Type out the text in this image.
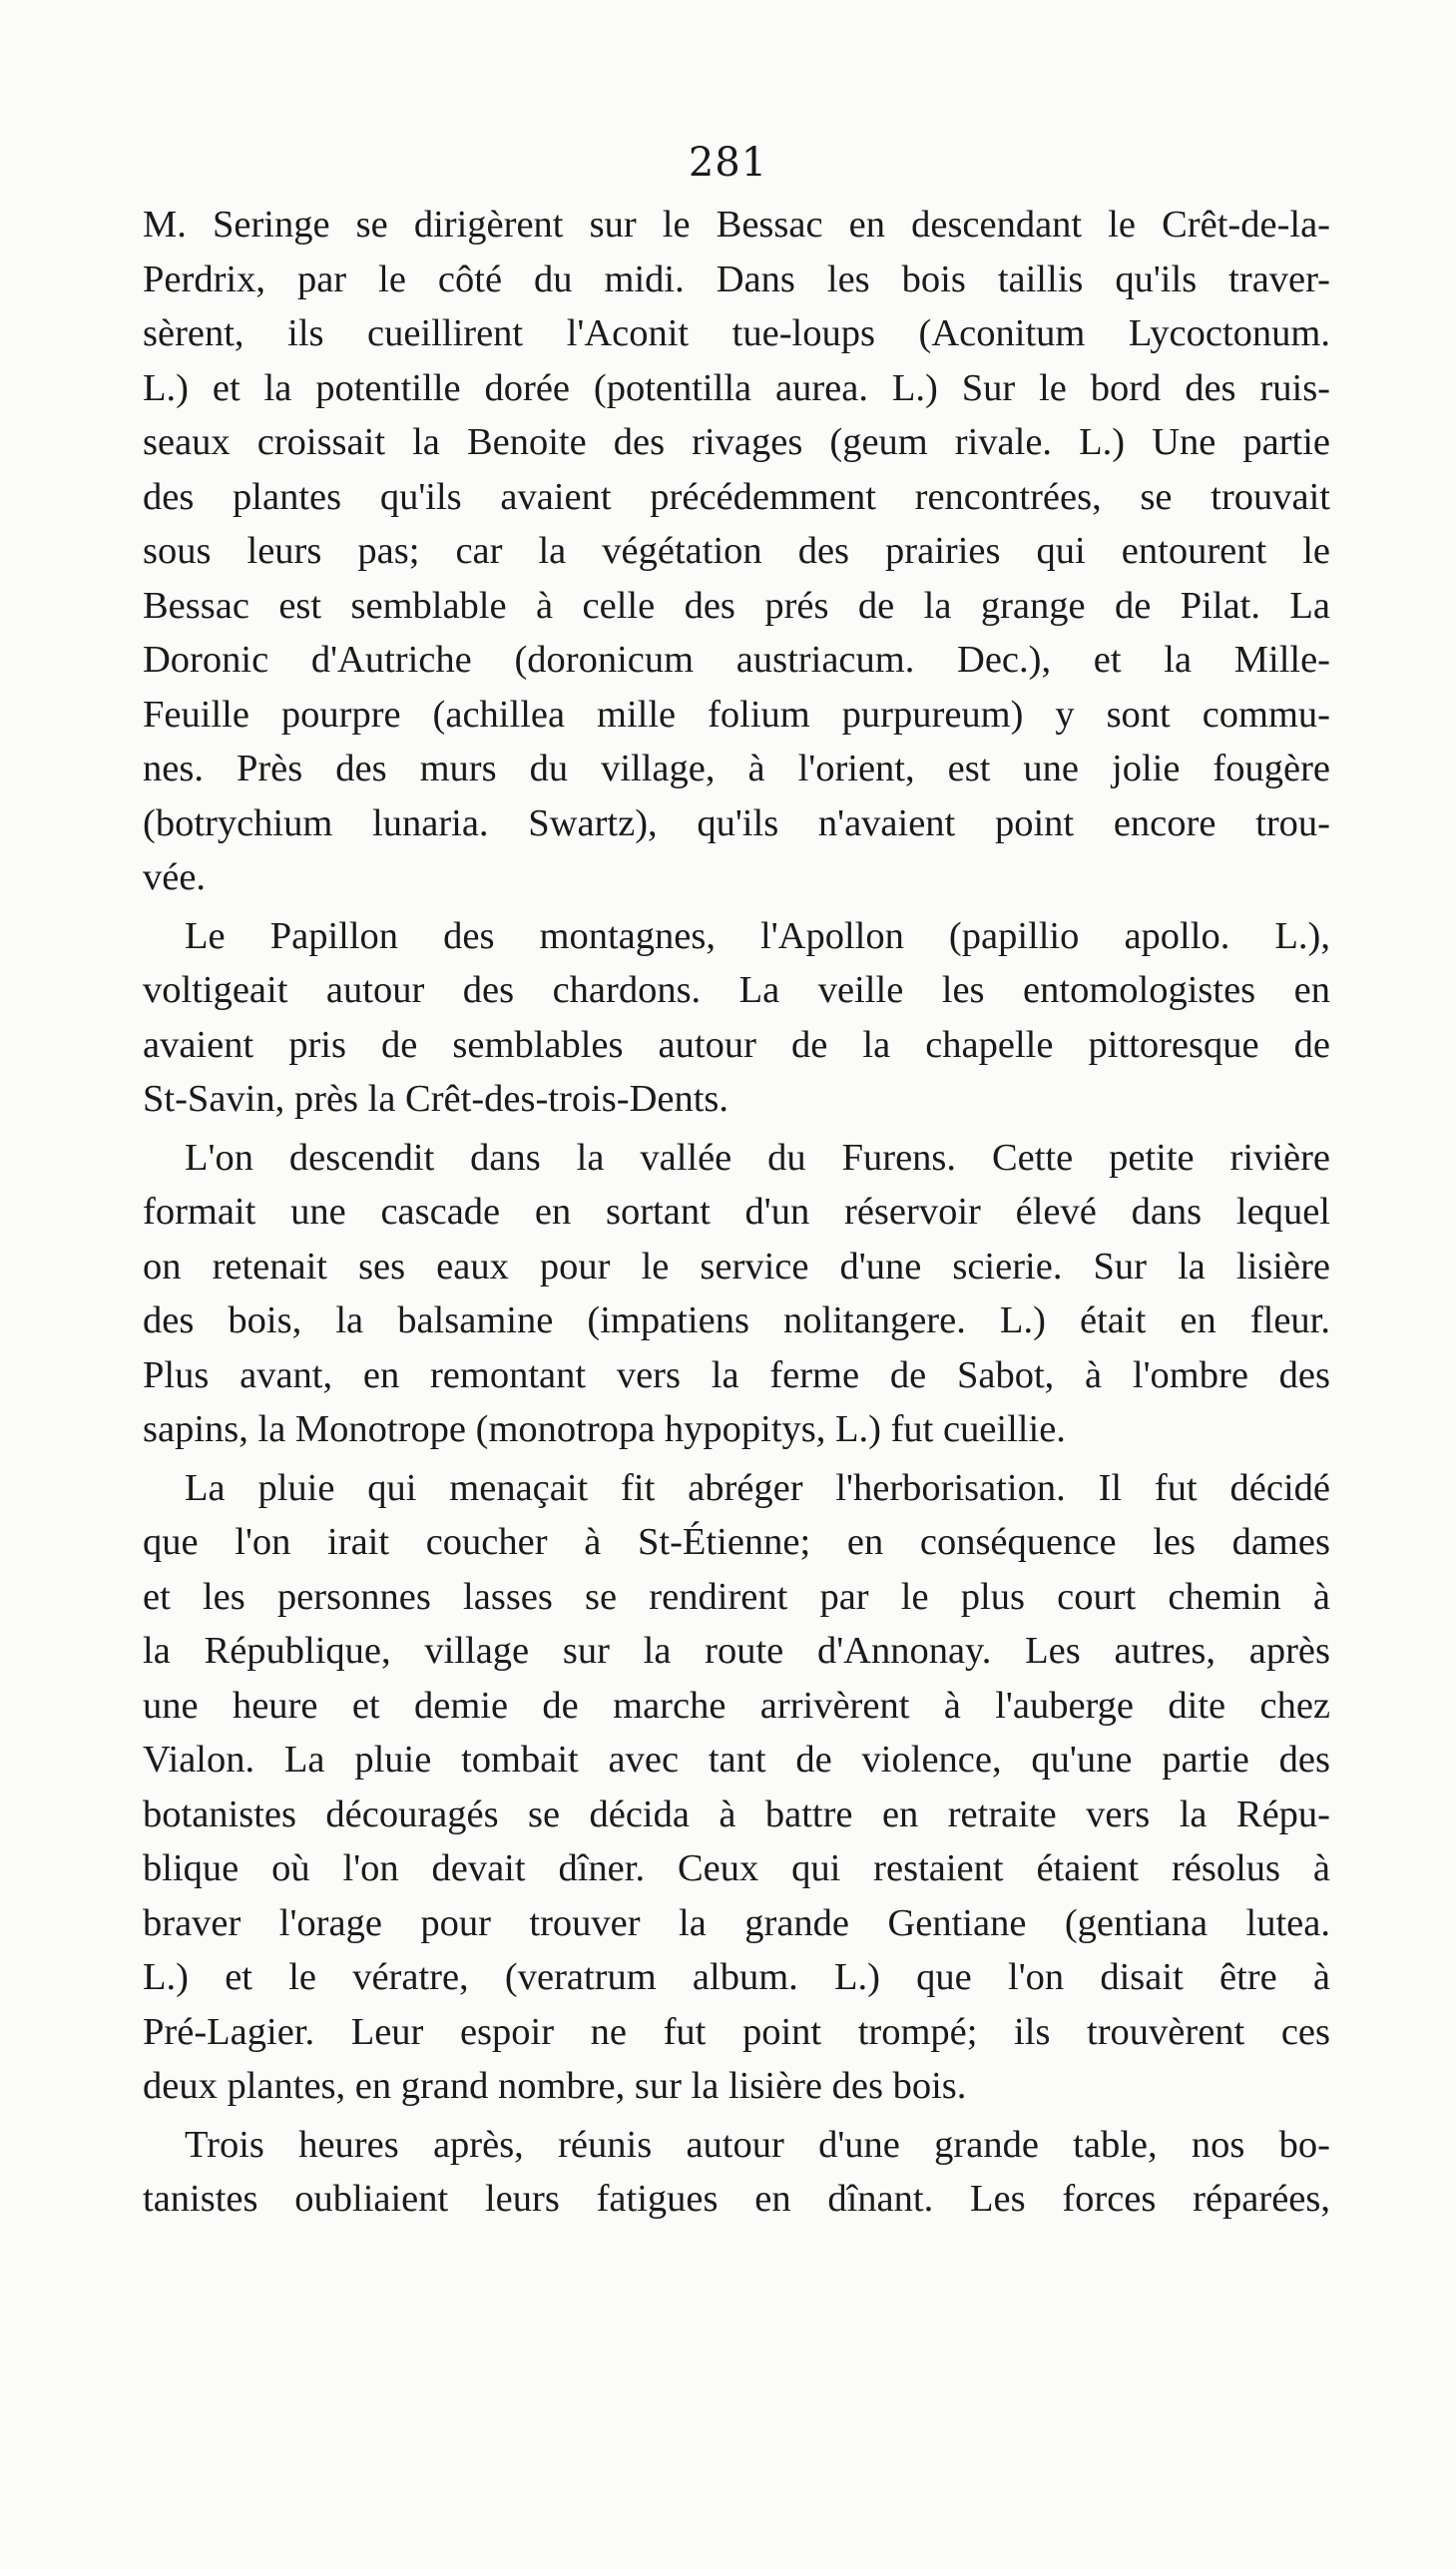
281

M. Seringe se dirigèrent sur le Bessac en descendant le Crêt-de-la-
Perdrix, par le côté du midi. Dans les bois taillis qu'ils traver-
sèrent, ils cueillirent l'Aconit tue-loups (Aconitum Lycoctonum.
L.) et la potentille dorée (potentilla aurea. L.) Sur le bord des ruis-
seaux croissait la Benoite des rivages (geum rivale. L.) Une partie
des plantes qu'ils avaient précédemment rencontrées, se trouvait
sous leurs pas; car la végétation des prairies qui entourent le
Bessac est semblable à celle des prés de la grange de Pilat. La
Doronic d'Autriche (doronicum austriacum. Dec.), et la Mille-
Feuille pourpre (achillea mille folium purpureum) y sont commu-
nes. Près des murs du village, à l'orient, est une jolie fougère
(botrychium lunaria. Swartz), qu'ils n'avaient point encore trou-
vée.

Le Papillon des montagnes, l'Apollon (papillio apollo. L.),
voltigeait autour des chardons. La veille les entomologistes en
avaient pris de semblables autour de la chapelle pittoresque de
St-Savin, près la Crêt-des-trois-Dents.

L'on descendit dans la vallée du Furens. Cette petite rivière
formait une cascade en sortant d'un réservoir élevé dans lequel
on retenait ses eaux pour le service d'une scierie. Sur la lisière
des bois, la balsamine (impatiens nolitangere. L.) était en fleur.
Plus avant, en remontant vers la ferme de Sabot, à l'ombre des
sapins, la Monotrope (monotropa hypopitys, L.) fut cueillie.

La pluie qui menaçait fit abréger l'herborisation. Il fut décidé
que l'on irait coucher à St-Étienne; en conséquence les dames
et les personnes lasses se rendirent par le plus court chemin à
la République, village sur la route d'Annonay. Les autres, après
une heure et demie de marche arrivèrent à l'auberge dite chez
Vialon. La pluie tombait avec tant de violence, qu'une partie des
botanistes découragés se décida à battre en retraite vers la Répu-
blique où l'on devait dîner. Ceux qui restaient étaient résolus à
braver l'orage pour trouver la grande Gentiane (gentiana lutea.
L.) et le vératre, (veratrum album. L.) que l'on disait être à
Pré-Lagier. Leur espoir ne fut point trompé; ils trouvèrent ces
deux plantes, en grand nombre, sur la lisière des bois.

Trois heures après, réunis autour d'une grande table, nos bo-
tanistes oubliaient leurs fatigues en dînant. Les forces réparées,
